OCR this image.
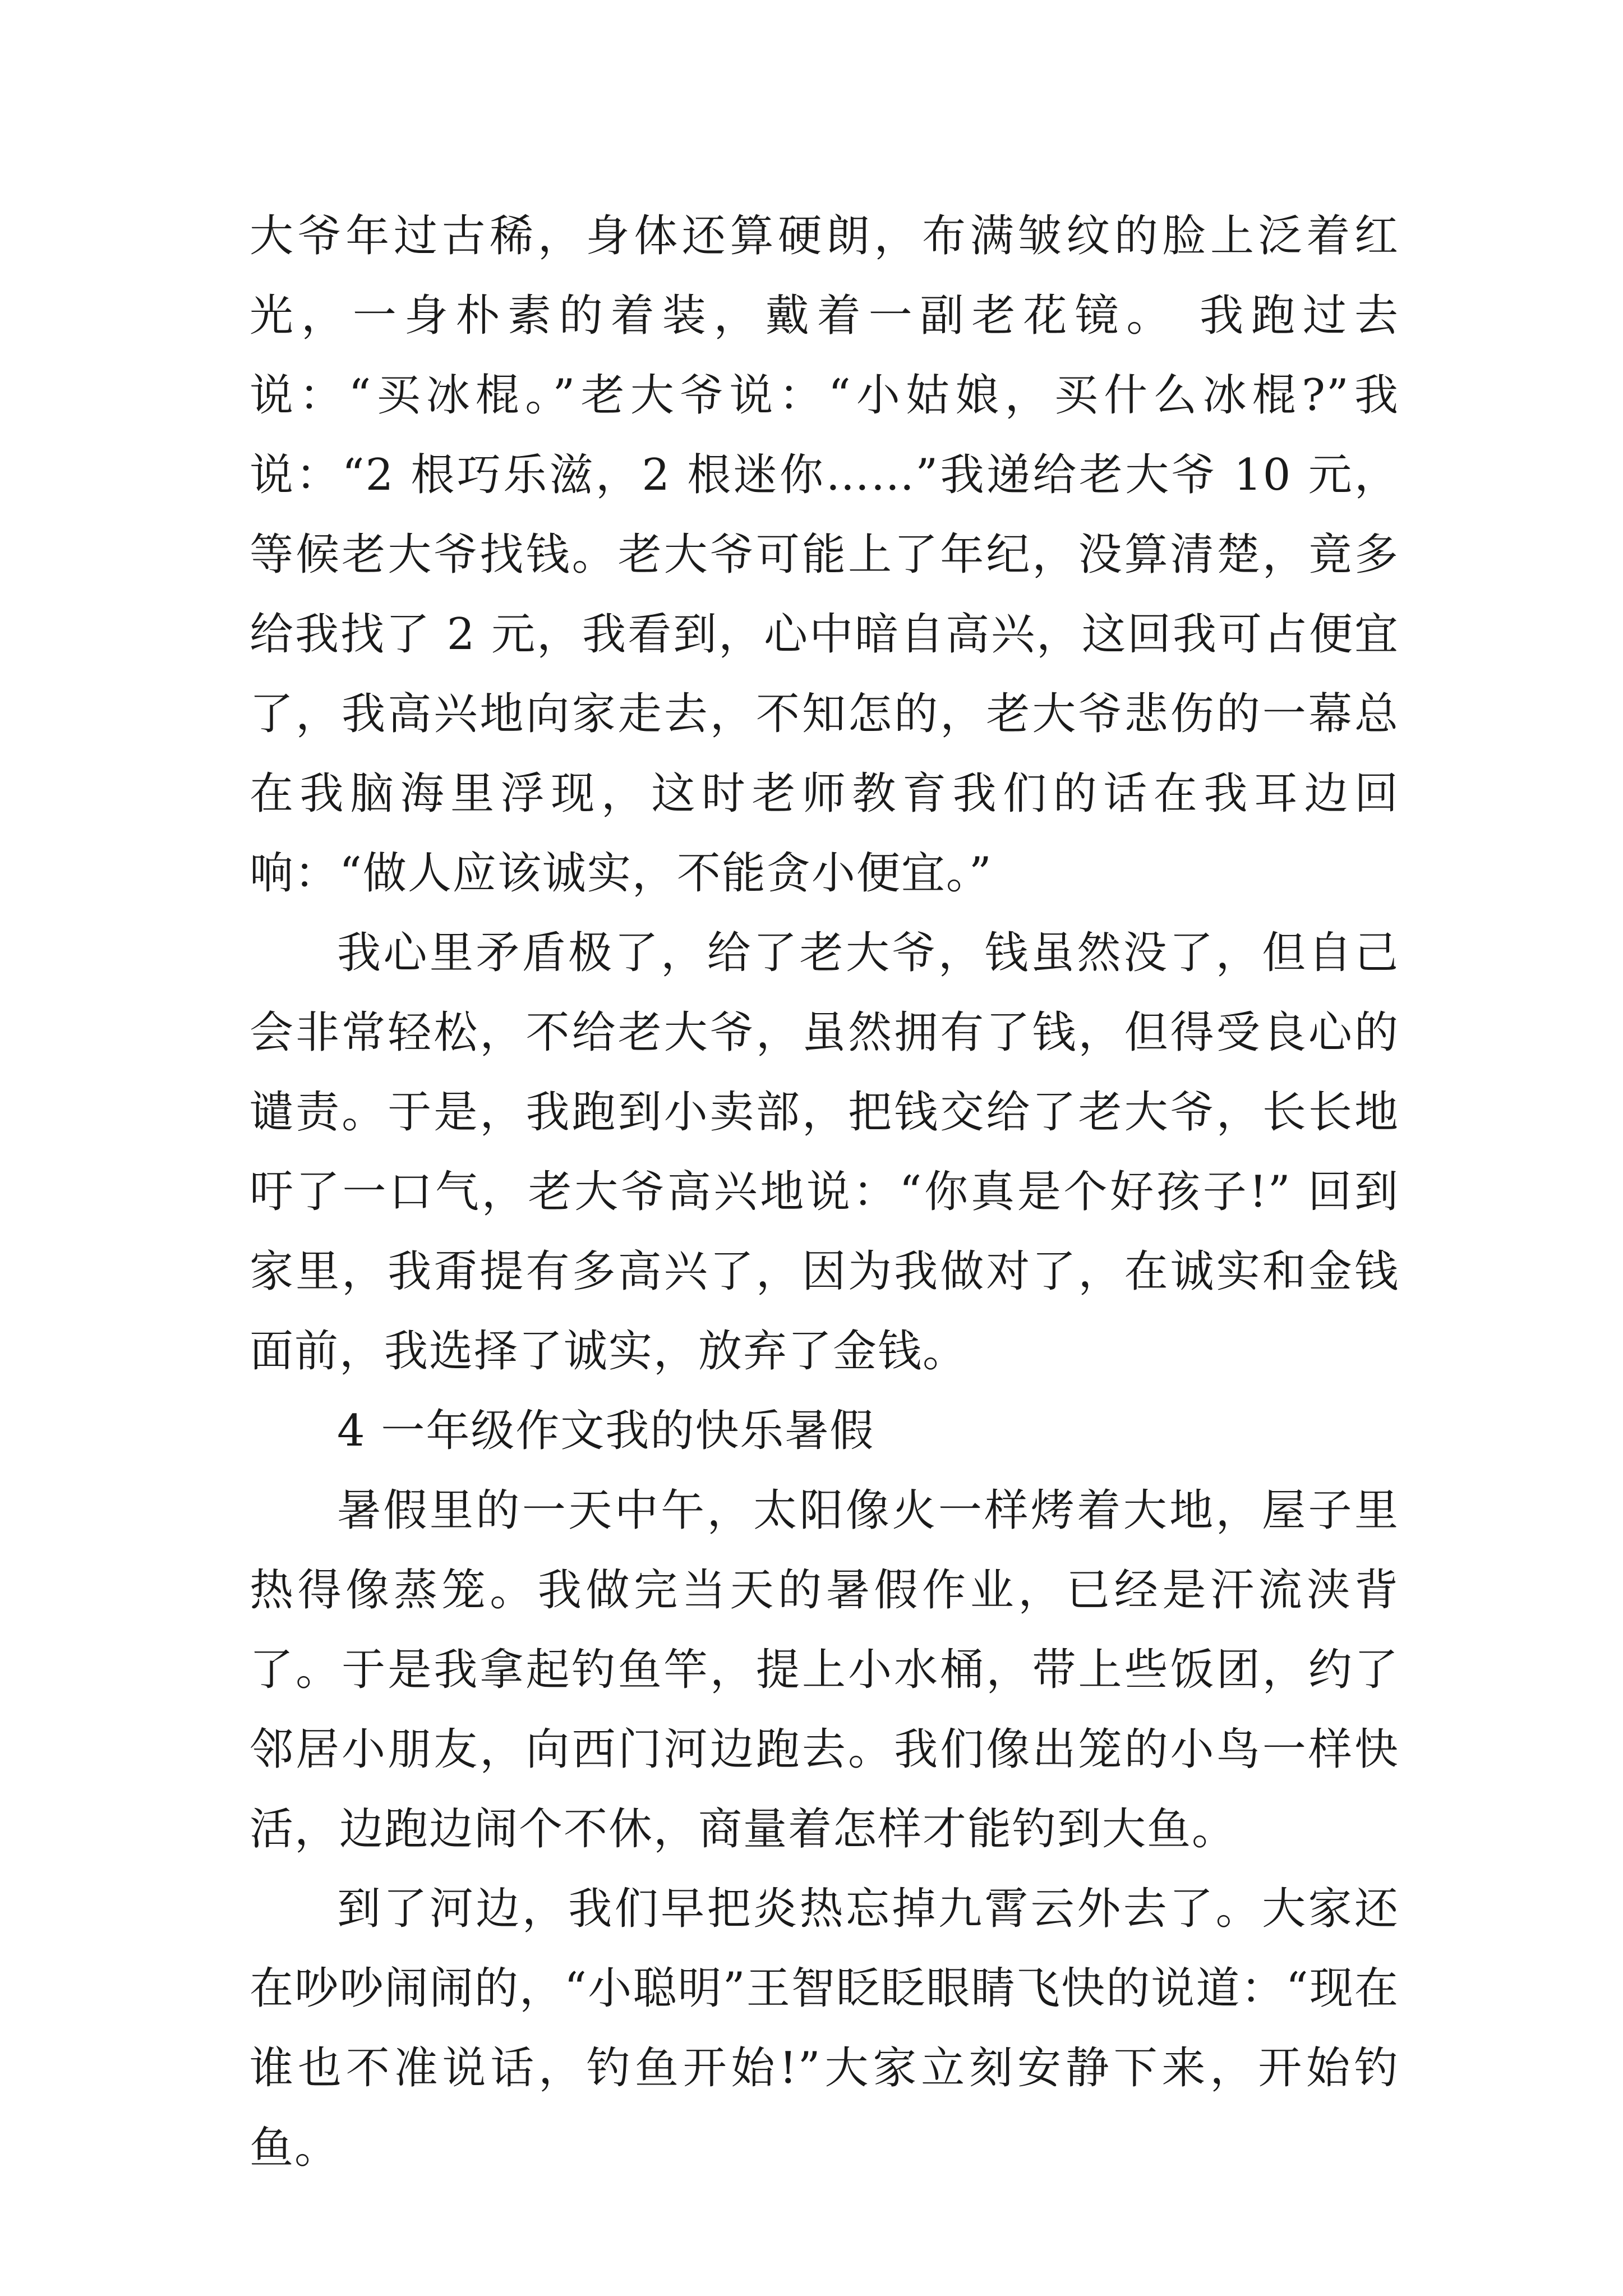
大爷年过古稀，身体还算硬朗，布满皱纹的脸上泛着红光，一身朴素的着装，戴着一副老花镜。 我跑过去说：“买冰棍。”老大爷说：“小姑娘，买什么冰棍?”我说：“2 根巧乐滋，2 根迷你……”我递给老大爷 10 元，等候老大爷找钱。老大爷可能上了年纪，没算清楚，竟多给我找了 2 元，我看到，心中暗自高兴，这回我可占便宜了，我高兴地向家走去，不知怎的，老大爷悲伤的一幕总在我脑海里浮现，这时老师教育我们的话在我耳边回响：“做人应该诚实，不能贪小便宜。”

我心里矛盾极了，给了老大爷，钱虽然没了，但自己会非常轻松，不给老大爷，虽然拥有了钱，但得受良心的谴责。于是，我跑到小卖部，把钱交给了老大爷，长长地吁了一口气，老大爷高兴地说：“你真是个好孩子!” 回到家里，我甭提有多高兴了，因为我做对了，在诚实和金钱面前，我选择了诚实，放弃了金钱。

4 一年级作文我的快乐暑假

暑假里的一天中午，太阳像火一样烤着大地，屋子里热得像蒸笼。我做完当天的暑假作业，已经是汗流浃背了。于是我拿起钓鱼竿，提上小水桶，带上些饭团，约了邻居小朋友，向西门河边跑去。我们像出笼的小鸟一样快活，边跑边闹个不休，商量着怎样才能钓到大鱼。

到了河边，我们早把炎热忘掉九霄云外去了。大家还在吵吵闹闹的，“小聪明”王智眨眨眼睛飞快的说道：“现在谁也不准说话，钓鱼开始!”大家立刻安静下来，开始钓鱼。
